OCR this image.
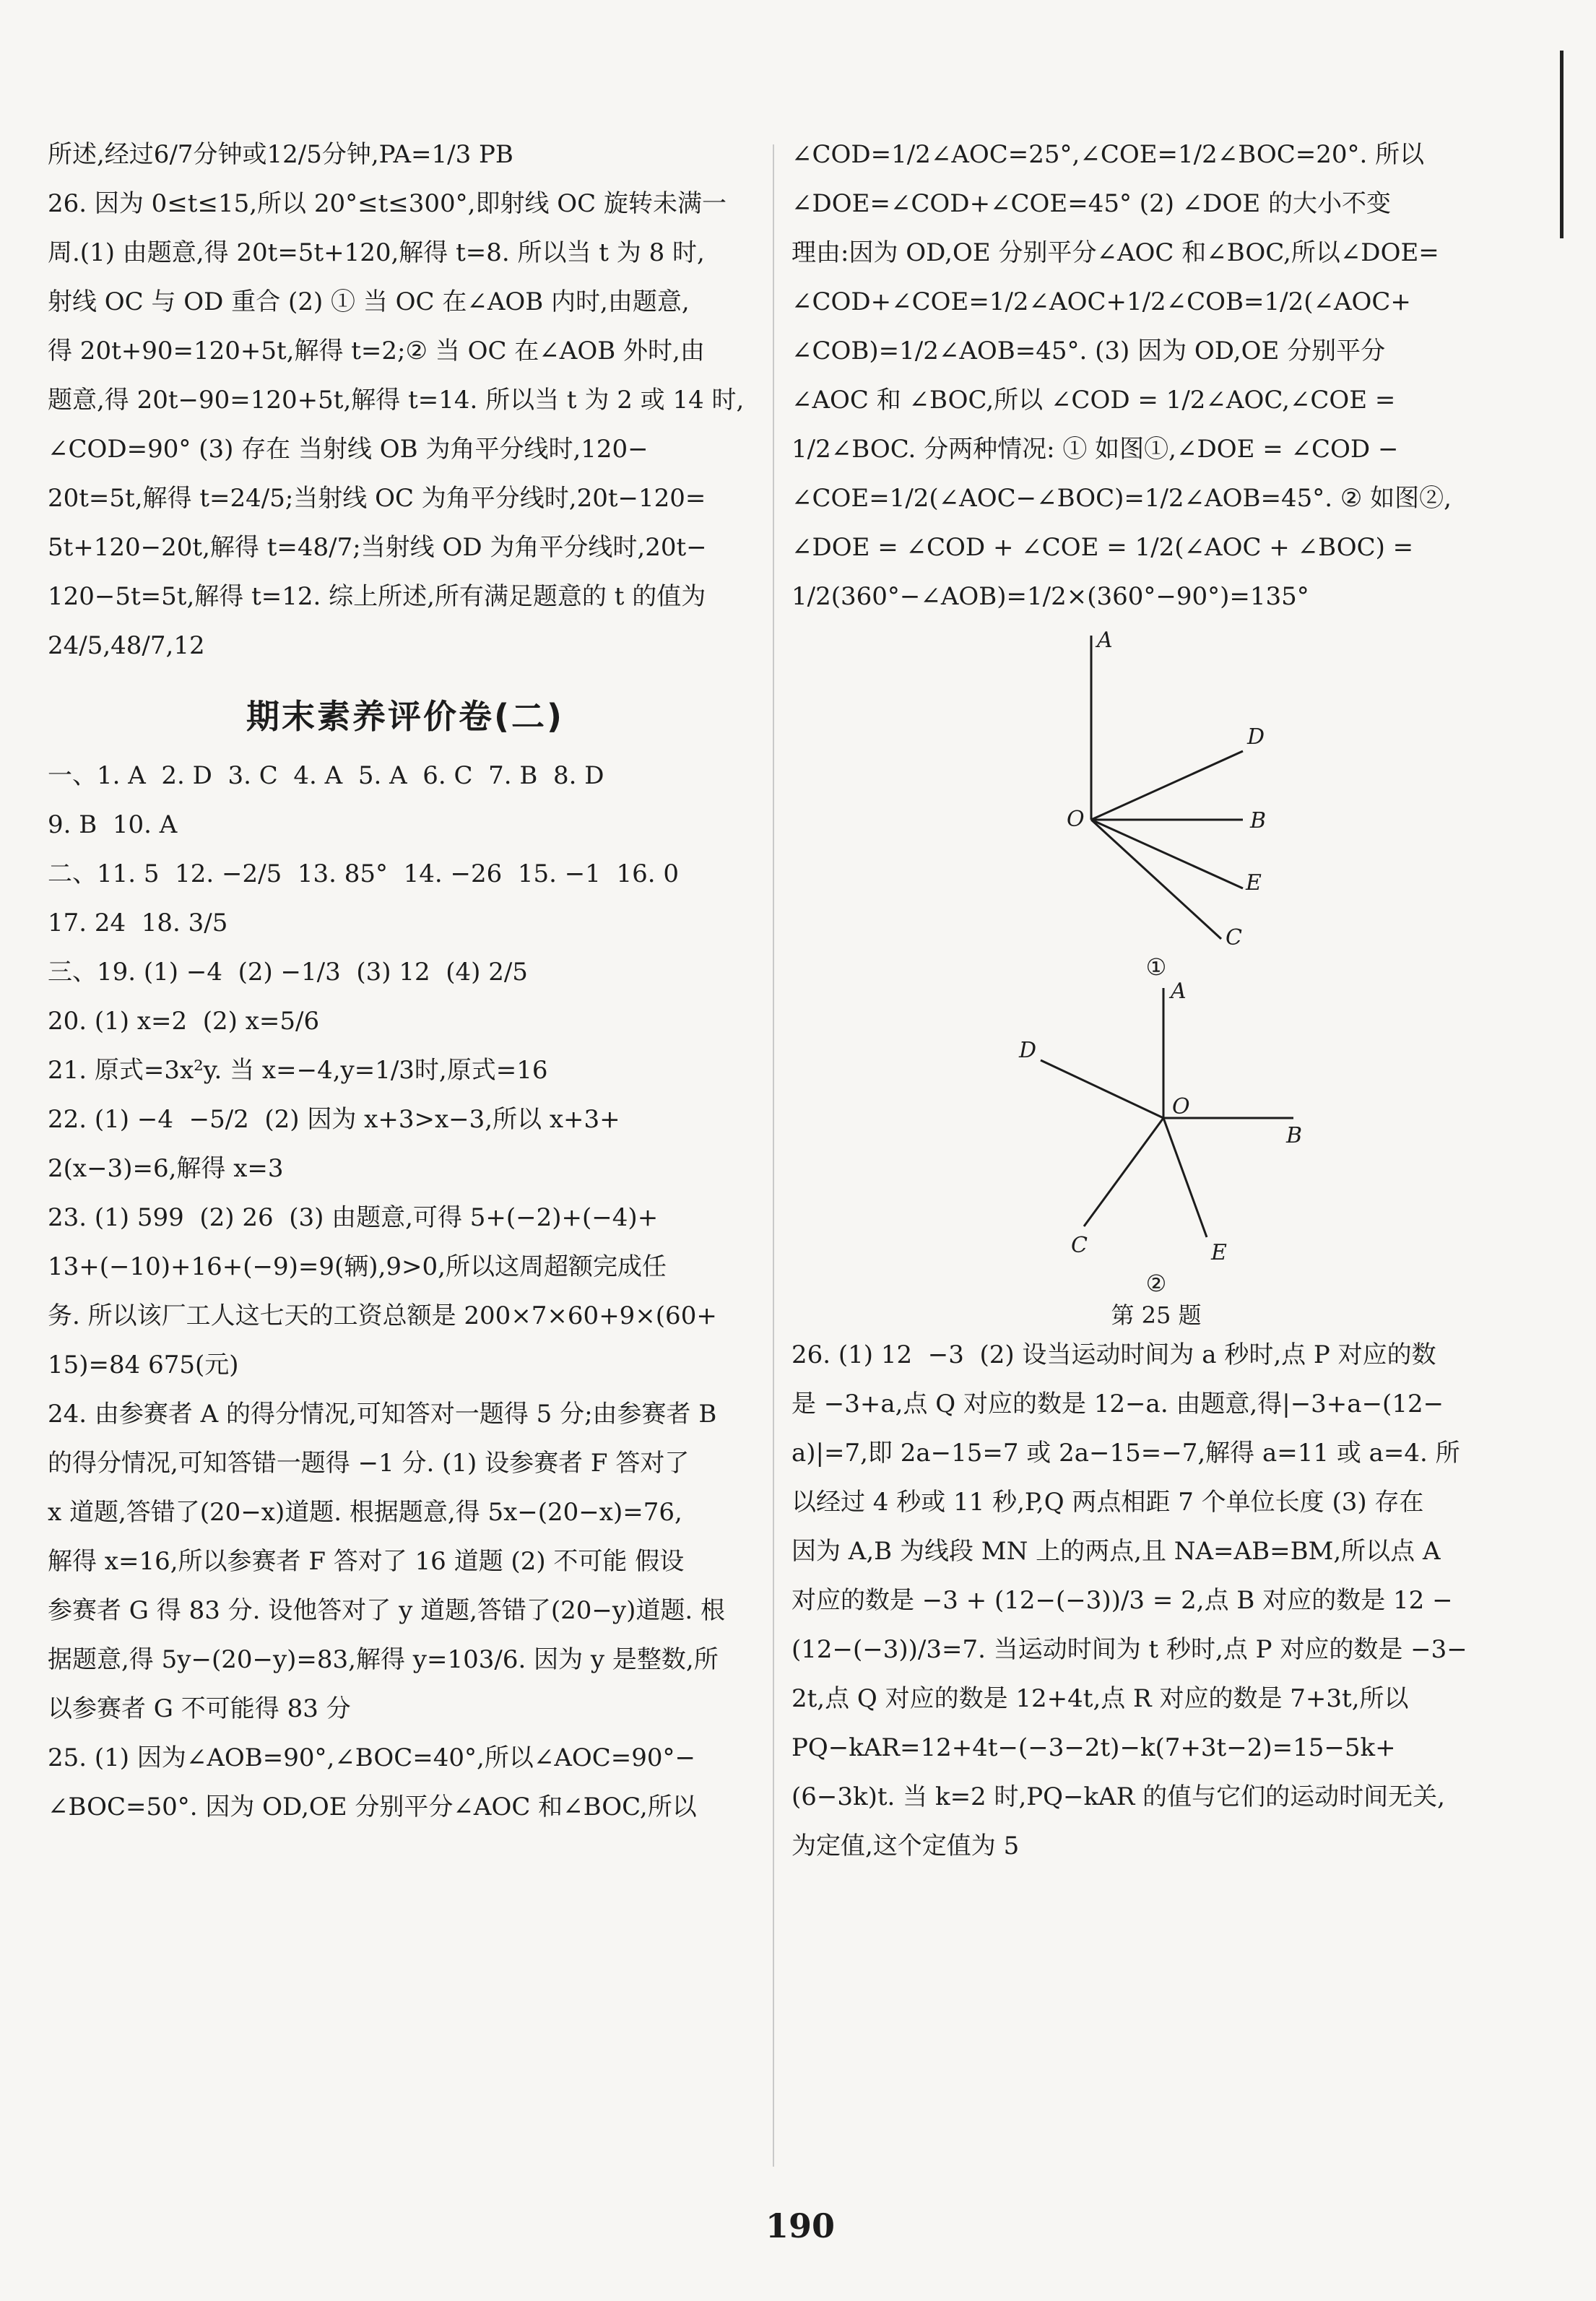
所述,经过6/7分钟或12/5分钟,PA=1/3 PB

26. 因为 0≤t≤15,所以 20°≤t≤300°,即射线 OC 旋转未满一

周.(1) 由题意,得 20t=5t+120,解得 t=8. 所以当 t 为 8 时,

射线 OC 与 OD 重合 (2) ① 当 OC 在∠AOB 内时,由题意,

得 20t+90=120+5t,解得 t=2;② 当 OC 在∠AOB 外时,由

题意,得 20t−90=120+5t,解得 t=14. 所以当 t 为 2 或 14 时,

∠COD=90° (3) 存在 当射线 OB 为角平分线时,120−

20t=5t,解得 t=24/5;当射线 OC 为角平分线时,20t−120=

5t+120−20t,解得 t=48/7;当射线 OD 为角平分线时,20t−

120−5t=5t,解得 t=12. 综上所述,所有满足题意的 t 的值为

24/5,48/7,12

期末素养评价卷(二)

一、1. A  2. D  3. C  4. A  5. A  6. C  7. B  8. D

9. B  10. A

二、11. 5  12. −2/5  13. 85°  14. −26  15. −1  16. 0

17. 24  18. 3/5

三、19. (1) −4  (2) −1/3  (3) 12  (4) 2/5

20. (1) x=2  (2) x=5/6

21. 原式=3x²y. 当 x=−4,y=1/3时,原式=16

22. (1) −4  −5/2  (2) 因为 x+3>x−3,所以 x+3+

2(x−3)=6,解得 x=3

23. (1) 599  (2) 26  (3) 由题意,可得 5+(−2)+(−4)+

13+(−10)+16+(−9)=9(辆),9>0,所以这周超额完成任

务. 所以该厂工人这七天的工资总额是 200×7×60+9×(60+

15)=84 675(元)

24. 由参赛者 A 的得分情况,可知答对一题得 5 分;由参赛者 B

的得分情况,可知答错一题得 −1 分. (1) 设参赛者 F 答对了

x 道题,答错了(20−x)道题. 根据题意,得 5x−(20−x)=76,

解得 x=16,所以参赛者 F 答对了 16 道题 (2) 不可能 假设

参赛者 G 得 83 分. 设他答对了 y 道题,答错了(20−y)道题. 根

据题意,得 5y−(20−y)=83,解得 y=103/6. 因为 y 是整数,所

以参赛者 G 不可能得 83 分

25. (1) 因为∠AOB=90°,∠BOC=40°,所以∠AOC=90°−

∠BOC=50°. 因为 OD,OE 分别平分∠AOC 和∠BOC,所以

∠COD=1/2∠AOC=25°,∠COE=1/2∠BOC=20°. 所以

∠DOE=∠COD+∠COE=45° (2) ∠DOE 的大小不变

理由:因为 OD,OE 分别平分∠AOC 和∠BOC,所以∠DOE=

∠COD+∠COE=1/2∠AOC+1/2∠COB=1/2(∠AOC+

∠COB)=1/2∠AOB=45°. (3) 因为 OD,OE 分别平分

∠AOC 和 ∠BOC,所以 ∠COD = 1/2∠AOC,∠COE =

1/2∠BOC. 分两种情况: ① 如图①,∠DOE = ∠COD −

∠COE=1/2(∠AOC−∠BOC)=1/2∠AOB=45°. ② 如图②,

∠DOE = ∠COD + ∠COE = 1/2(∠AOC + ∠BOC) =

1/2(360°−∠AOB)=1/2×(360°−90°)=135°

A
D
O	B
E
C

①

A
D
O
B
C	E

②

第 25 题

26. (1) 12  −3  (2) 设当运动时间为 a 秒时,点 P 对应的数

是 −3+a,点 Q 对应的数是 12−a. 由题意,得|−3+a−(12−

a)|=7,即 2a−15=7 或 2a−15=−7,解得 a=11 或 a=4. 所

以经过 4 秒或 11 秒,P,Q 两点相距 7 个单位长度 (3) 存在

因为 A,B 为线段 MN 上的两点,且 NA=AB=BM,所以点 A

对应的数是 −3 + (12−(−3))/3 = 2,点 B 对应的数是 12 −

(12−(−3))/3=7. 当运动时间为 t 秒时,点 P 对应的数是 −3−

2t,点 Q 对应的数是 12+4t,点 R 对应的数是 7+3t,所以

PQ−kAR=12+4t−(−3−2t)−k(7+3t−2)=15−5k+

(6−3k)t. 当 k=2 时,PQ−kAR 的值与它们的运动时间无关,

为定值,这个定值为 5

190
